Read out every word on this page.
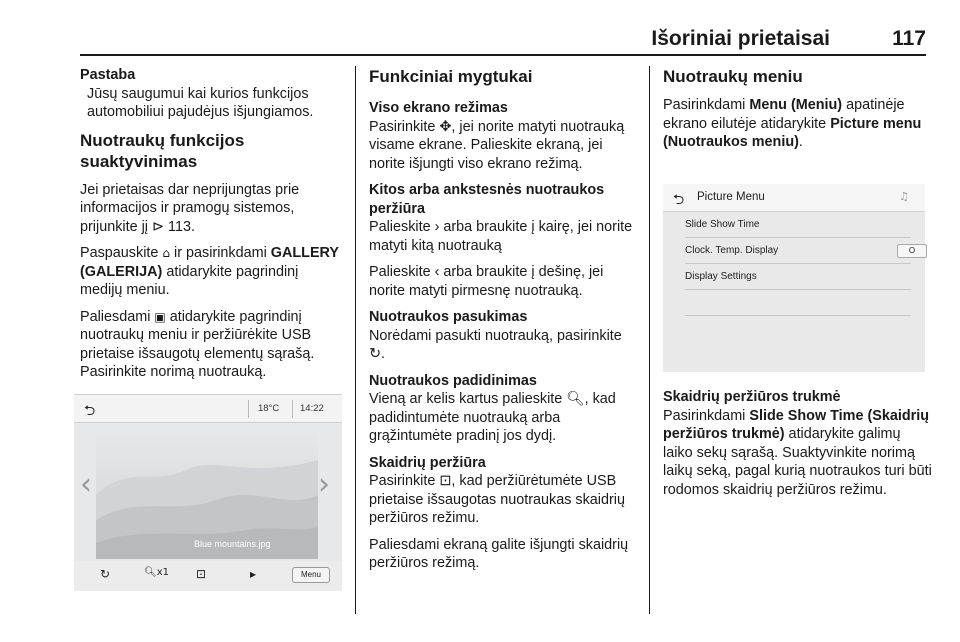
Išoriniai prietaisai	117
Pastaba

Jūsų saugumui kai kurios funkcijos automobiliui pajudėjus išjungiamos.

Nuotraukų funkcijos suaktyvinimas

Jei prietaisas dar neprijungtas prie informacijos ir pramogų sistemos, prijunkite jį ⊳ 113.

Paspauskite ⌂ ir pasirinkdami GALLERY (GALERIJA) atidarykite pagrindinį medijų meniu.

Paliesdami ▣ atidarykite pagrindinį nuotraukų meniu ir peržiūrėkite USB prietaise išsaugotų elementų sąrašą. Pasirinkite norimą nuotrauką.

⮌	18°C 14:22
‹	›
Blue mountains.jpg
↻	🔍︎x1 ⊡	▸	Menu
Funkciniai mygtukai
Viso ekrano režimas

Pasirinkite ✥, jei norite matyti nuotrauką visame ekrane. Palieskite ekraną, jei norite išjungti viso ekrano režimą.

Kitos arba ankstesnės nuotraukos peržiūra

Palieskite › arba braukite į kairę, jei norite matyti kitą nuotrauką

Palieskite ‹ arba braukite į dešinę, jei norite matyti pirmesnę nuotrauką.

Nuotraukos pasukimas

Norėdami pasukti nuotrauką, pasirinkite ↻.

Nuotraukos padidinimas

Vieną ar kelis kartus palieskite 🔍︎, kad padidintumėte nuotrauką arba grąžintumėte pradinį jos dydį.

Skaidrių peržiūra

Pasirinkite ⊡, kad peržiūrėtumėte USB prietaise išsaugotas nuotraukas skaidrių peržiūros režimu.

Paliesdami ekraną galite išjungti skaidrių peržiūros režimą.

Nuotraukų meniu

Pasirinkdami Menu (Meniu) apatinėje ekrano eilutėje atidarykite Picture menu (Nuotraukos meniu).

⮌ Picture Menu	♫
Slide Show Time
Clock. Temp. Display	O
Display Settings
Skaidrių peržiūros trukmė

Pasirinkdami Slide Show Time (Skaidrių peržiūros trukmė) atidarykite galimų laiko sekų sąrašą. Suaktyvinkite norimą laikų seką, pagal kurią nuotraukos turi būti rodomos skaidrių peržiūros režimu.
